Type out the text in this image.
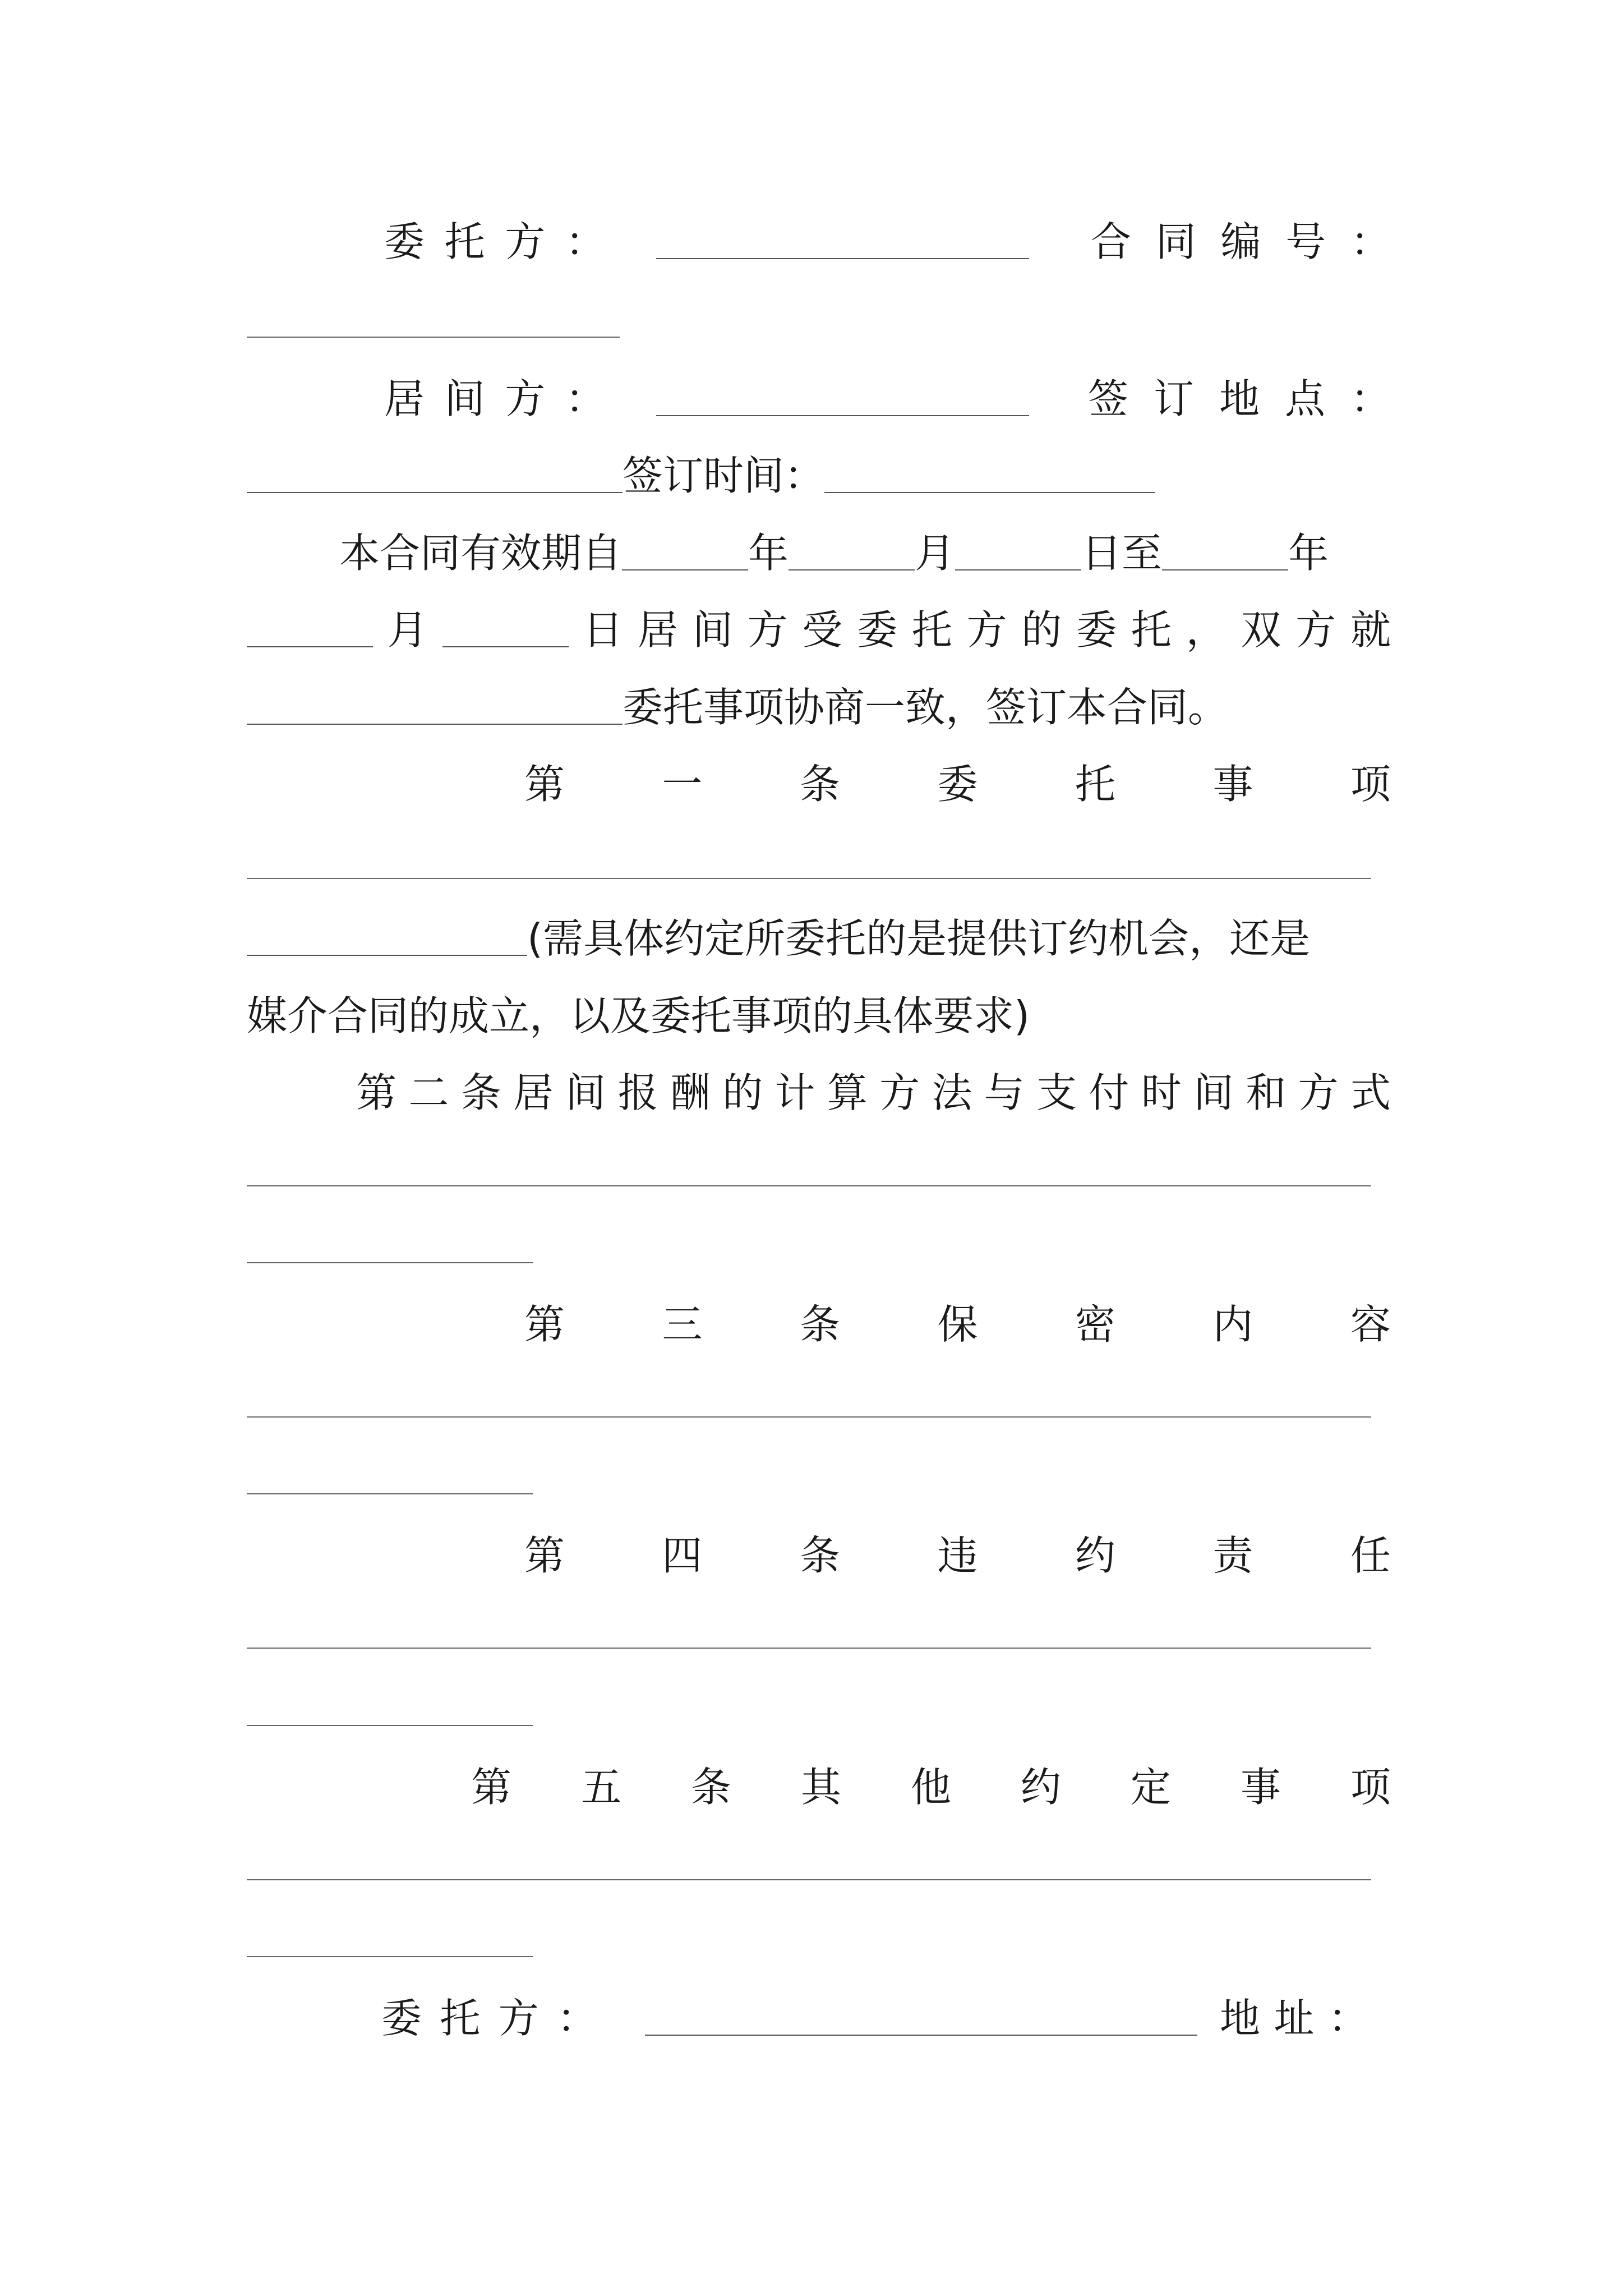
委 托 方 ：	合 同 编 号 ：
居 间 方 ：	签 订 地 点 ：
签订时间：
本合同有效期自	年	月	日至	年
月	日 居 间 方 受 委 托 方 的 委 托 ， 双 方 就
委托事项协商一致，签订本合同。
第 一 条 委 托 事 项
(需具体约定所委托的是提供订约机会，还是
媒介合同的成立，以及委托事项的具体要求)
第 二 条 居 间 报 酬 的 计 算 方 法 与 支 付 时 间 和 方 式
第 三 条 保 密 内 容
第 四 条 违 约 责 任
第 五 条 其 他 约 定 事 项
委 托 方 ：	地 址 ：
